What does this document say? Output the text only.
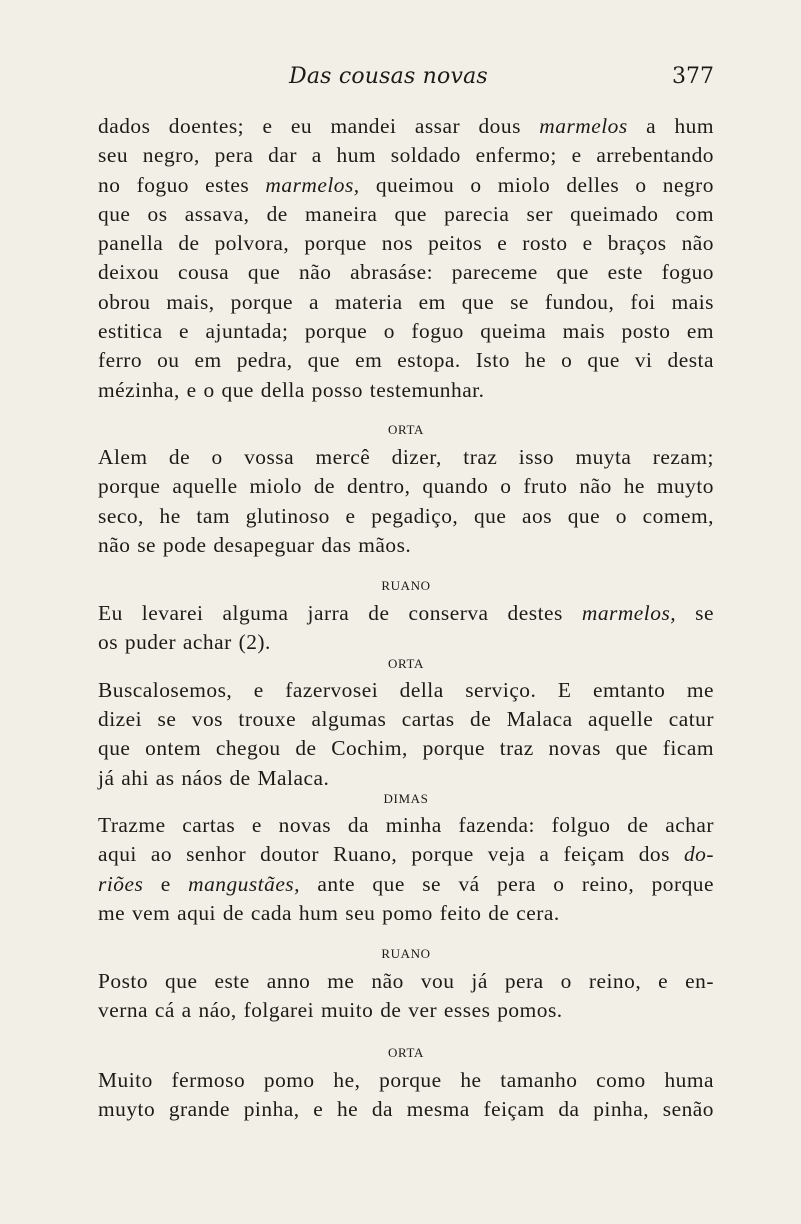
Das cousas novas	377

dados doentes; e eu mandei assar dous marmelos a hum
seu negro, pera dar a hum soldado enfermo; e arrebentando
no foguo estes marmelos, queimou o miolo delles o negro
que os assava, de maneira que parecia ser queimado com
panella de polvora, porque nos peitos e rosto e braços não
deixou cousa que não abrasáse: pareceme que este foguo
obrou mais, porque a materia em que se fundou, foi mais
estitica e ajuntada; porque o foguo queima mais posto em
ferro ou em pedra, que em estopa. Isto he o que vi desta
mézinha, e o que della posso testemunhar.

ORTA

Alem de o vossa mercê dizer, traz isso muyta rezam;
porque aquelle miolo de dentro, quando o fruto não he muyto
seco, he tam glutinoso e pegadiço, que aos que o comem,
não se pode desapeguar das mãos.

RUANO

Eu levarei alguma jarra de conserva destes marmelos, se
os puder achar (2).

ORTA

Buscalosemos, e fazervosei della serviço. E emtanto me
dizei se vos trouxe algumas cartas de Malaca aquelle catur
que ontem chegou de Cochim, porque traz novas que ficam
já ahi as náos de Malaca.

DIMAS

Trazme cartas e novas da minha fazenda: folguo de achar
aqui ao senhor doutor Ruano, porque veja a feiçam dos do-
riões e mangustães, ante que se vá pera o reino, porque
me vem aqui de cada hum seu pomo feito de cera.

RUANO

Posto que este anno me não vou já pera o reino, e en-
verna cá a náo, folgarei muito de ver esses pomos.

ORTA

Muito fermoso pomo he, porque he tamanho como huma
muyto grande pinha, e he da mesma feiçam da pinha, senão
